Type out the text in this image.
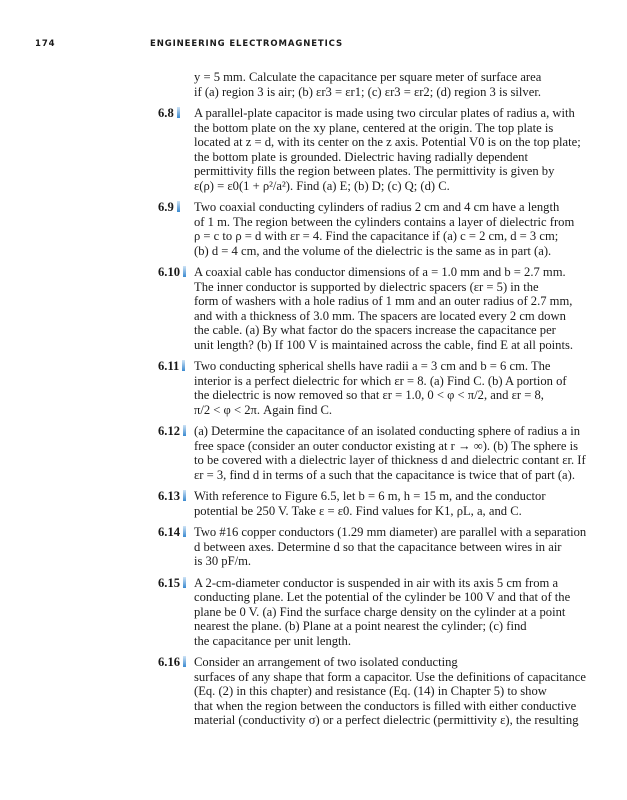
174	ENGINEERING ELECTROMAGNETICS
y = 5 mm. Calculate the capacitance per square meter of surface area
if (a) region 3 is air; (b) εr3 = εr1; (c) εr3 = εr2; (d) region 3 is silver.
6.8	A parallel-plate capacitor is made using two circular plates of radius a, with
the bottom plate on the xy plane, centered at the origin. The top plate is
located at z = d, with its center on the z axis. Potential V0 is on the top plate;
the bottom plate is grounded. Dielectric having radially dependent
permittivity fills the region between plates. The permittivity is given by
ε(ρ) = ε0(1 + ρ²/a²). Find (a) E; (b) D; (c) Q; (d) C.
6.9	Two coaxial conducting cylinders of radius 2 cm and 4 cm have a length
of 1 m. The region between the cylinders contains a layer of dielectric from
ρ = c to ρ = d with εr = 4. Find the capacitance if (a) c = 2 cm, d = 3 cm;
(b) d = 4 cm, and the volume of the dielectric is the same as in part (a).
6.10	A coaxial cable has conductor dimensions of a = 1.0 mm and b = 2.7 mm.
The inner conductor is supported by dielectric spacers (εr = 5) in the
form of washers with a hole radius of 1 mm and an outer radius of 2.7 mm,
and with a thickness of 3.0 mm. The spacers are located every 2 cm down
the cable. (a) By what factor do the spacers increase the capacitance per
unit length? (b) If 100 V is maintained across the cable, find E at all points.
6.11	Two conducting spherical shells have radii a = 3 cm and b = 6 cm. The
interior is a perfect dielectric for which εr = 8. (a) Find C. (b) A portion of
the dielectric is now removed so that εr = 1.0, 0 < φ < π/2, and εr = 8,
π/2 < φ < 2π. Again find C.
6.12	(a) Determine the capacitance of an isolated conducting sphere of radius a in
free space (consider an outer conductor existing at r → ∞). (b) The sphere is
to be covered with a dielectric layer of thickness d and dielectric contant εr. If
εr = 3, find d in terms of a such that the capacitance is twice that of part (a).
6.13	With reference to Figure 6.5, let b = 6 m, h = 15 m, and the conductor
potential be 250 V. Take ε = ε0. Find values for K1, ρL, a, and C.
6.14	Two #16 copper conductors (1.29 mm diameter) are parallel with a separation
d between axes. Determine d so that the capacitance between wires in air
is 30 pF/m.
6.15	A 2-cm-diameter conductor is suspended in air with its axis 5 cm from a
conducting plane. Let the potential of the cylinder be 100 V and that of the
plane be 0 V. (a) Find the surface charge density on the cylinder at a point
nearest the plane. (b) Plane at a point nearest the cylinder; (c) find
the capacitance per unit length.
6.16	Consider an arrangement of two isolated conducting
surfaces of any shape that form a capacitor. Use the definitions of capacitance
(Eq. (2) in this chapter) and resistance (Eq. (14) in Chapter 5) to show
that when the region between the conductors is filled with either conductive
material (conductivity σ) or a perfect dielectric (permittivity ε), the resulting
